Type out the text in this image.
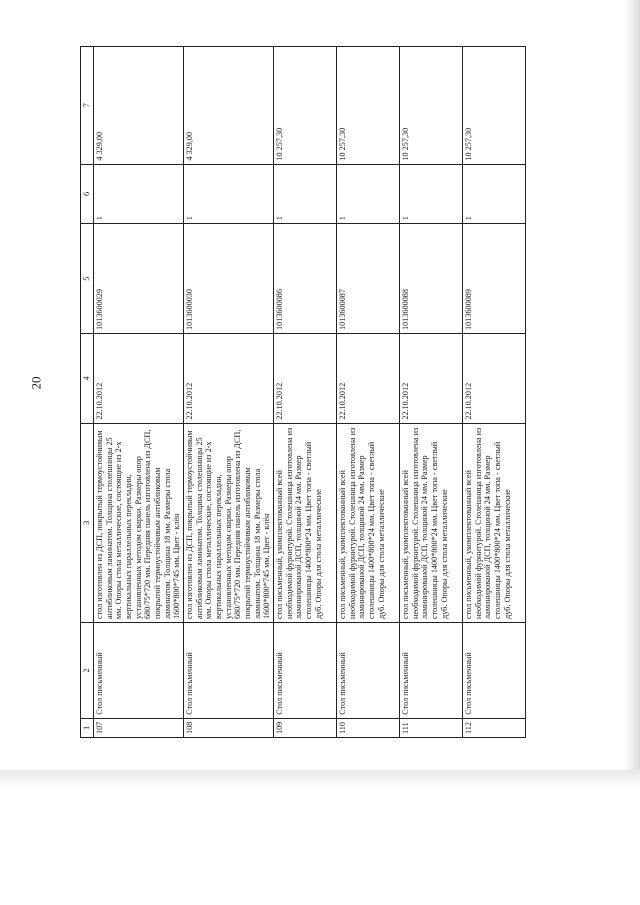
20
1	2	3	4	5	6	7
107	Стол письменный	стол изготовлен из ДСП, покрытый термоустойчивым антибликовым ламинатом. Толщина столешницы 25 мм. Опоры стола металлические, состоящие из 2-х вертикальных параллельных перекладин, установленных методом сварки. Размеры опор 680/75*720 мм. Передняя панель изготовлена из ДСП, покрытой термоустойчивым антибликовым ламинатом. Толщина 18 мм. Размеры стола 1600*800*745 мм. Цвет - клён	22.10.2012	1013600029	1	4 329,00
108	Стол письменный	стол изготовлен из ДСП, покрытый термоустойчивым антибликовым ламинатом. Толщина столешницы 25 мм. Опоры стола металлические, состоящие из 2-х вертикальных параллельных перекладин, установленных методом сварки. Размеры опор 680/75*720 мм. Передняя панель изготовлена из ДСП, покрытой термоустойчивым антибликовым ламинатом. Толщина 18 мм. Размеры стола 1600*800*745 мм. Цвет - клён	22.10.2012	1013600030	1	4 329,00
109	Стол письменный	стол письменный, укомплектованный всей необходимой фурнитурой. Столешница изготовлена из ламинированой ДСП, толщиной 24 мм. Размер столешницы 1400*800*24 мм. Цвет топа - светлый дуб. Опоры для стола металлические	22.10.2012	1013600086	1	10 257,30
110	Стол письменный	стол письменный, укомплектованный всей необходимой фурнитурой. Столешница изготовлена из ламинированой ДСП, толщиной 24 мм. Размер столешницы 1400*800*24 мм. Цвет топа - светлый дуб. Опоры для стола металлические	22.10.2012	1013600087	1	10 257,30
111	Стол письменный	стол письменный, укомплектованный всей необходимой фурнитурой. Столешница изготовлена из ламинированой ДСП, толщиной 24 мм. Размер столешницы 1400*800*24 мм. Цвет топа - светлый дуб. Опоры для стола металлические	22.10.2012	1013600088	1	10 257,30
112	Стол письменный	стол письменный, укомплектованный всей необходимой фурнитурой. Столешница изготовлена из ламинированой ДСП, толщиной 24 мм. Размер столешницы 1400*800*24 мм. Цвет топа - светлый дуб. Опоры для стола металлические	22.10.2012	1013600089	1	10 257,30
